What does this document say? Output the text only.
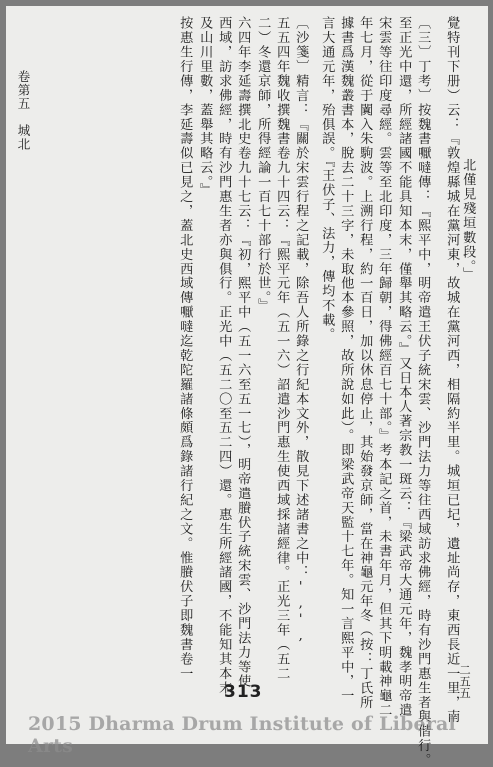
北僅見殘垣數段。」
覺特刊下册）云：『敦煌縣城在黨河東，故城在黨河西，相隔約半里。城垣已圮，遺址尚存，東西長近一里，南
〔三〕丁考〕按魏書嚈噠傳：『熙平中，明帝遣王伏子統宋雲、沙門法力等往西域訪求佛經，時有沙門惠生者與偕行。
至正光中還，所經諸國不能具知本末，僅舉其略云。』又日本人著宗教一斑云：『梁武帝大通元年，魏孝明帝遣
宋雲等往印度尋經。雲等至北印度，三年歸朝，得佛經百七十部。』考本記之首，未書年月，但其下明載神龜二
年七月，從于闐入朱駒波。上溯行程，約一百日，加以休息停止，其始發京師，當在神龜元年冬（按：丁氏所
據書爲漢魏叢書本，脫去二十三字，未取他本參照，故所說如此）。即梁武帝天監十七年。知一言熙平中，一
言大通元年，殆俱誤。『王伏子、法力，傳均不載。
〔沙箋〕精言：『關於宋雲行程之記載，除吾人所錄之行紀本文外，散見下述諸書之中：',',
五五四年魏收撰魏書卷九十四云：『熙平元年（五一六）詔遣沙門惠生使西域採諸經律。正光三年（五二
二）冬還京師，所得經論一百七十部行於世。』
六四年李延壽撰北史卷九十七云：『初，熙平中（五一六至五一七），明帝遣賸伏子統宋雲、沙門法力等使
西域，訪求佛經，時有沙門惠生者亦與俱行。正光中（五二〇至五二四）還。惠生所經諸國，不能知其本末
及山川里數，蓋舉其略云。』
按惠生行傳，李延壽似已見之，蓋北史西域傳嚈噠迄乾陀羅諸條頗爲錄諸行紀之文。惟賸伏子即魏書卷一
卷第五　城北
二五五
313
2015 Dharma Drum Institute of Liberal Arts
